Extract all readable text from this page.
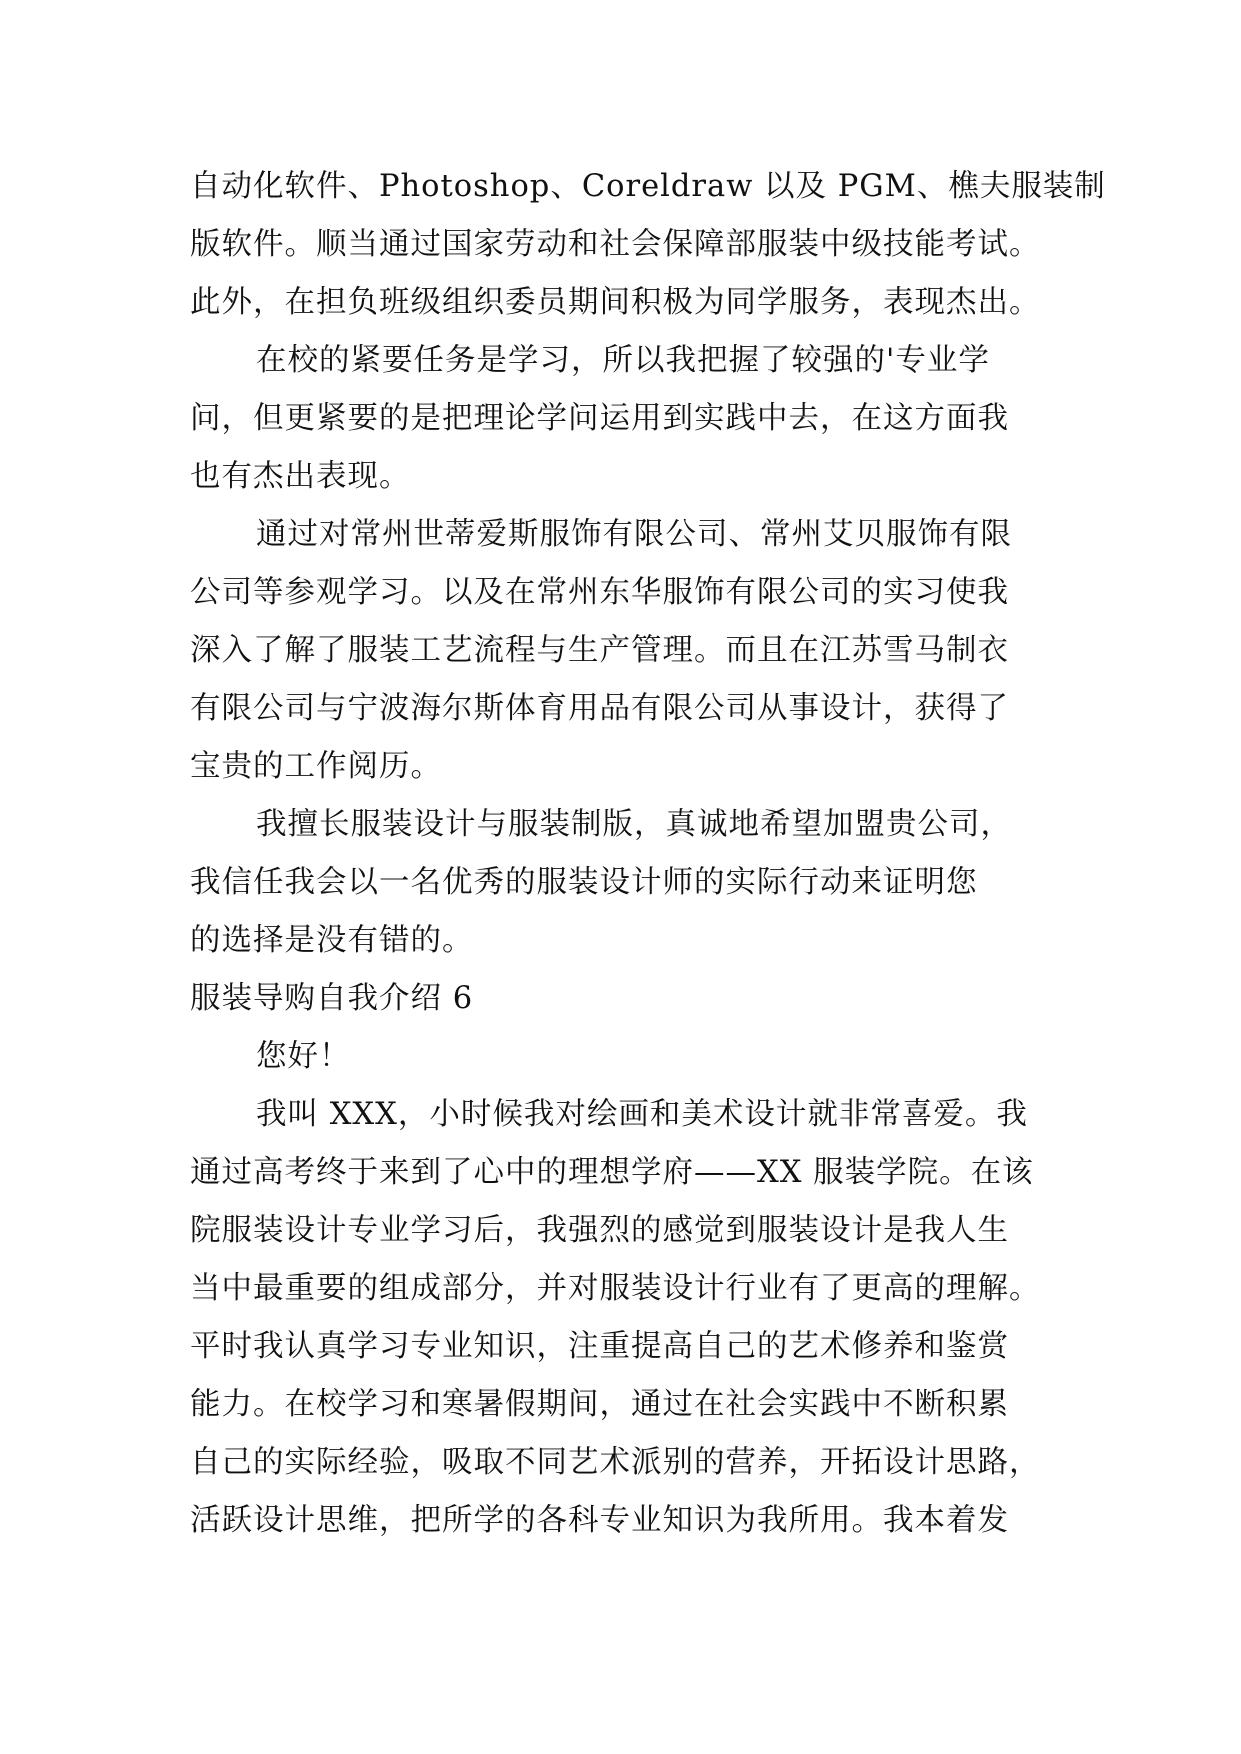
自动化软件、Photoshop、Coreldraw 以及 PGM、樵夫服装制
版软件。顺当通过国家劳动和社会保障部服装中级技能考试。
此外，在担负班级组织委员期间积极为同学服务，表现杰出。
在校的紧要任务是学习，所以我把握了较强的'专业学
问，但更紧要的是把理论学问运用到实践中去，在这方面我
也有杰出表现。
通过对常州世蒂爱斯服饰有限公司、常州艾贝服饰有限
公司等参观学习。以及在常州东华服饰有限公司的实习使我
深入了解了服装工艺流程与生产管理。而且在江苏雪马制衣
有限公司与宁波海尔斯体育用品有限公司从事设计，获得了
宝贵的工作阅历。
我擅长服装设计与服装制版，真诚地希望加盟贵公司，
我信任我会以一名优秀的服装设计师的实际行动来证明您
的选择是没有错的。
服装导购自我介绍 6
您好！
我叫 XXX，小时候我对绘画和美术设计就非常喜爱。我
通过高考终于来到了心中的理想学府——XX 服装学院。在该
院服装设计专业学习后，我强烈的感觉到服装设计是我人生
当中最重要的组成部分，并对服装设计行业有了更高的理解。
平时我认真学习专业知识，注重提高自己的艺术修养和鉴赏
能力。在校学习和寒暑假期间，通过在社会实践中不断积累
自己的实际经验，吸取不同艺术派别的营养，开拓设计思路，
活跃设计思维，把所学的各科专业知识为我所用。我本着发
